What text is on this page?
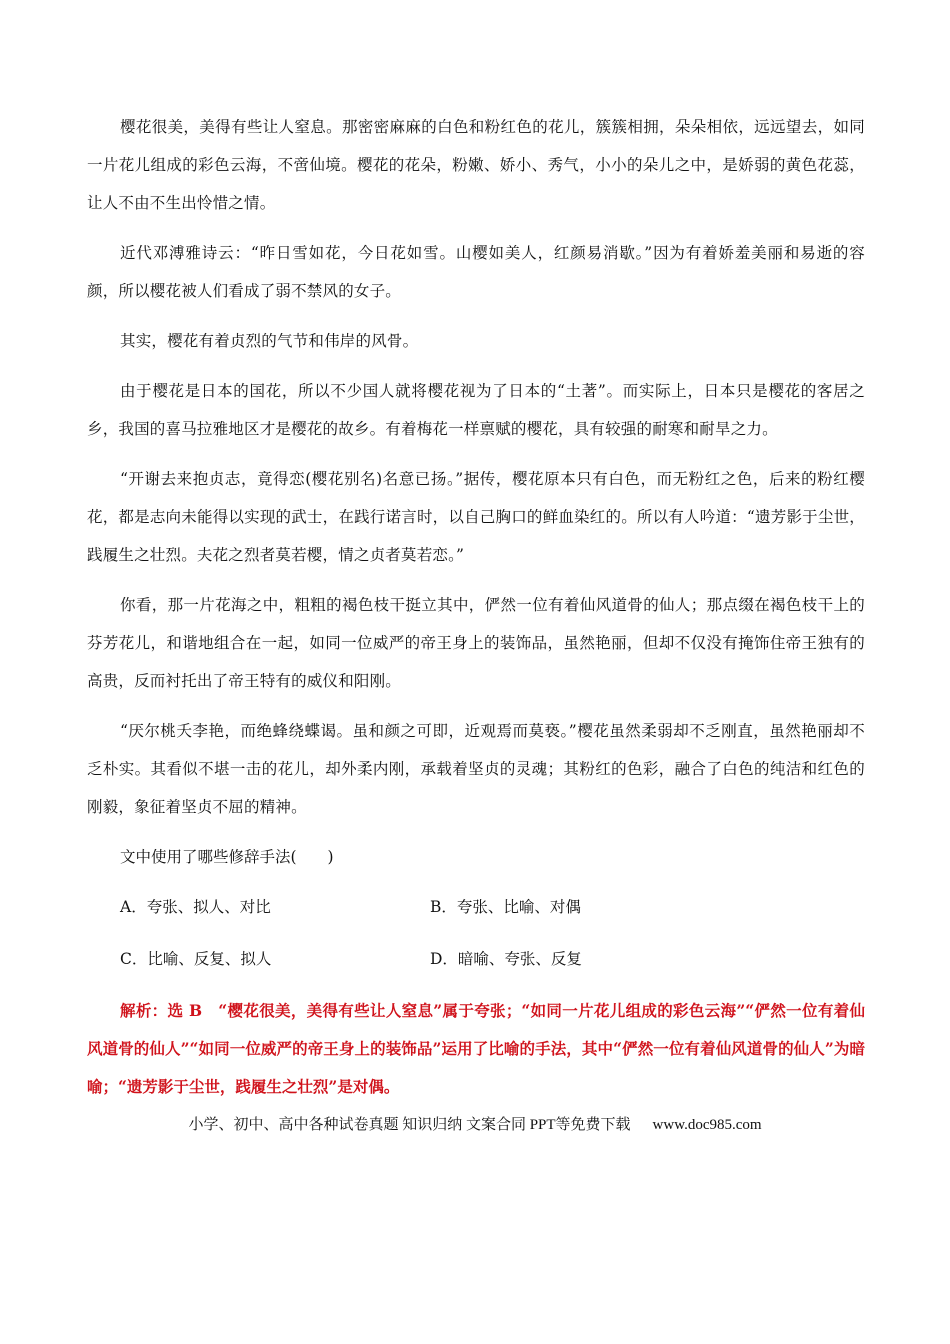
樱花很美，美得有些让人窒息。那密密麻麻的白色和粉红色的花儿，簇簇相拥，朵朵相依，远远望去，如同一片花儿组成的彩色云海，不啻仙境。樱花的花朵，粉嫩、娇小、秀气，小小的朵儿之中，是娇弱的黄色花蕊，让人不由不生出怜惜之情。

近代邓溥雅诗云：“昨日雪如花，今日花如雪。山樱如美人，红颜易消歇。”因为有着娇羞美丽和易逝的容颜，所以樱花被人们看成了弱不禁风的女子。

其实，樱花有着贞烈的气节和伟岸的风骨。

由于樱花是日本的国花，所以不少国人就将樱花视为了日本的“土著”。而实际上，日本只是樱花的客居之乡，我国的喜马拉雅地区才是樱花的故乡。有着梅花一样禀赋的樱花，具有较强的耐寒和耐旱之力。

“开谢去来抱贞志，竟得恋(樱花别名)名意已扬。”据传，樱花原本只有白色，而无粉红之色，后来的粉红樱花，都是志向未能得以实现的武士，在践行诺言时，以自己胸口的鲜血染红的。所以有人吟道：“遗芳影于尘世，践履生之壮烈。夫花之烈者莫若樱，情之贞者莫若恋。”

你看，那一片花海之中，粗粗的褐色枝干挺立其中，俨然一位有着仙风道骨的仙人；那点缀在褐色枝干上的芬芳花儿，和谐地组合在一起，如同一位威严的帝王身上的装饰品，虽然艳丽，但却不仅没有掩饰住帝王独有的高贵，反而衬托出了帝王特有的威仪和阳刚。

“厌尔桃夭李艳，而绝蜂绕蝶谒。虽和颜之可即，近观焉而莫亵。”樱花虽然柔弱却不乏刚直，虽然艳丽却不乏朴实。其看似不堪一击的花儿，却外柔内刚，承载着坚贞的灵魂；其粉红的色彩，融合了白色的纯洁和红色的刚毅，象征着坚贞不屈的精神。

文中使用了哪些修辞手法(　　)

A．夸张、拟人、对比	B．夸张、比喻、对偶
C．比喻、反复、拟人	D．暗喻、夸张、反复

解析：选 B　“樱花很美，美得有些让人窒息”属于夸张；“如同一片花儿组成的彩色云海”“俨然一位有着仙风道骨的仙人”“如同一位威严的帝王身上的装饰品”运用了比喻的手法，其中“俨然一位有着仙风道骨的仙人”为暗喻；“遗芳影于尘世，践履生之壮烈”是对偶。

小学、初中、高中各种试卷真题 知识归纳 文案合同 PPT等免费下载 www.doc985.com
